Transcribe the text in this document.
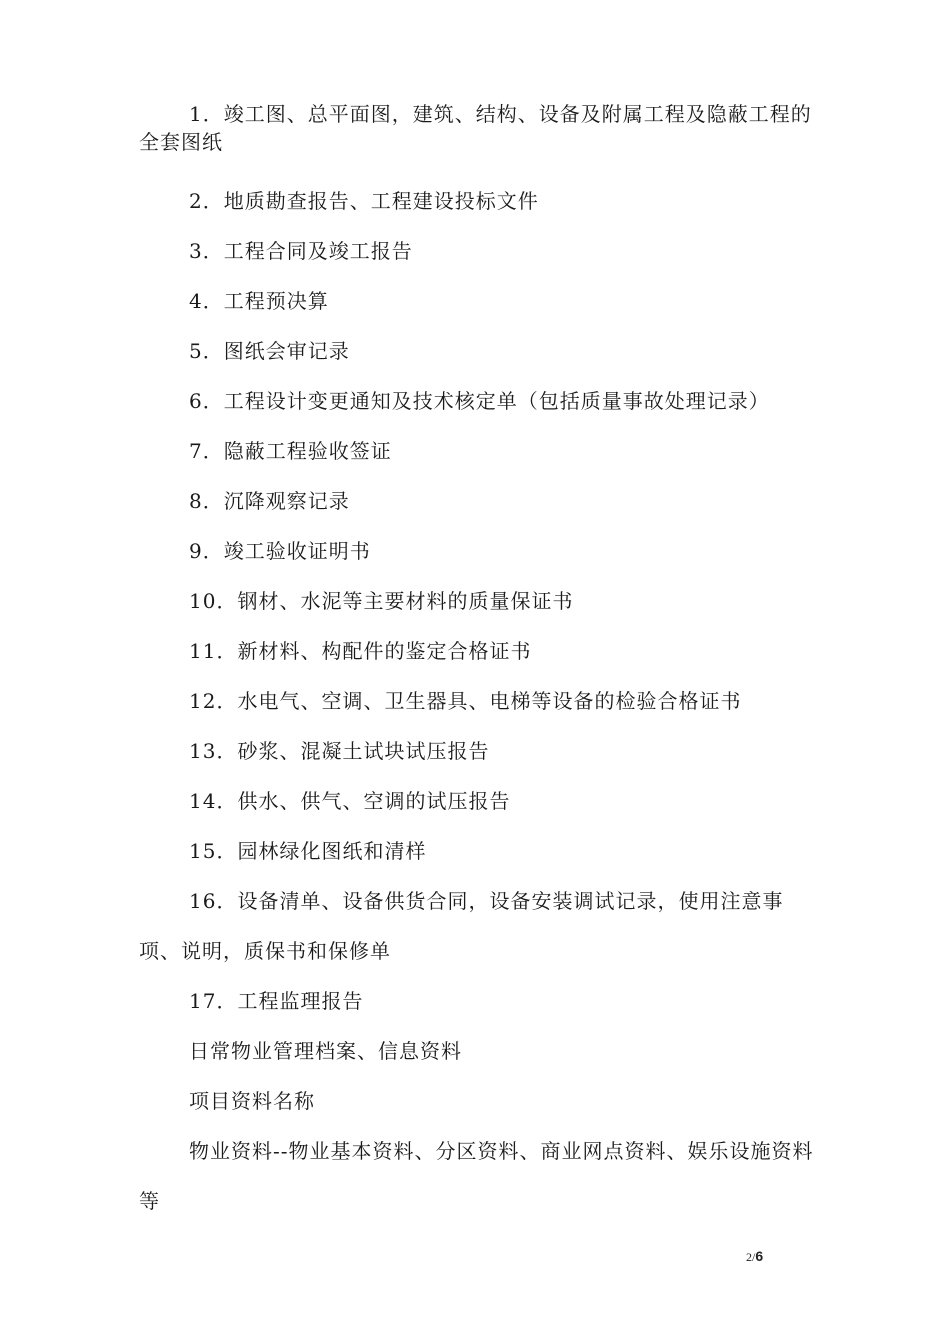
1．竣工图、总平面图，建筑、结构、设备及附属工程及隐蔽工程的全套图纸

2．地质勘查报告、工程建设投标文件

3．工程合同及竣工报告

4．工程预决算

5．图纸会审记录

6．工程设计变更通知及技术核定单（包括质量事故处理记录）

7．隐蔽工程验收签证

8．沉降观察记录

9．竣工验收证明书

10．钢材、水泥等主要材料的质量保证书

11．新材料、构配件的鉴定合格证书

12．水电气、空调、卫生器具、电梯等设备的检验合格证书

13．砂浆、混凝土试块试压报告

14．供水、供气、空调的试压报告

15．园林绿化图纸和清样

16．设备清单、设备供货合同，设备安装调试记录，使用注意事项、说明，质保书和保修单

17．工程监理报告

日常物业管理档案、信息资料

项目资料名称

物业资料--物业基本资料、分区资料、商业网点资料、娱乐设施资料等

2/6
